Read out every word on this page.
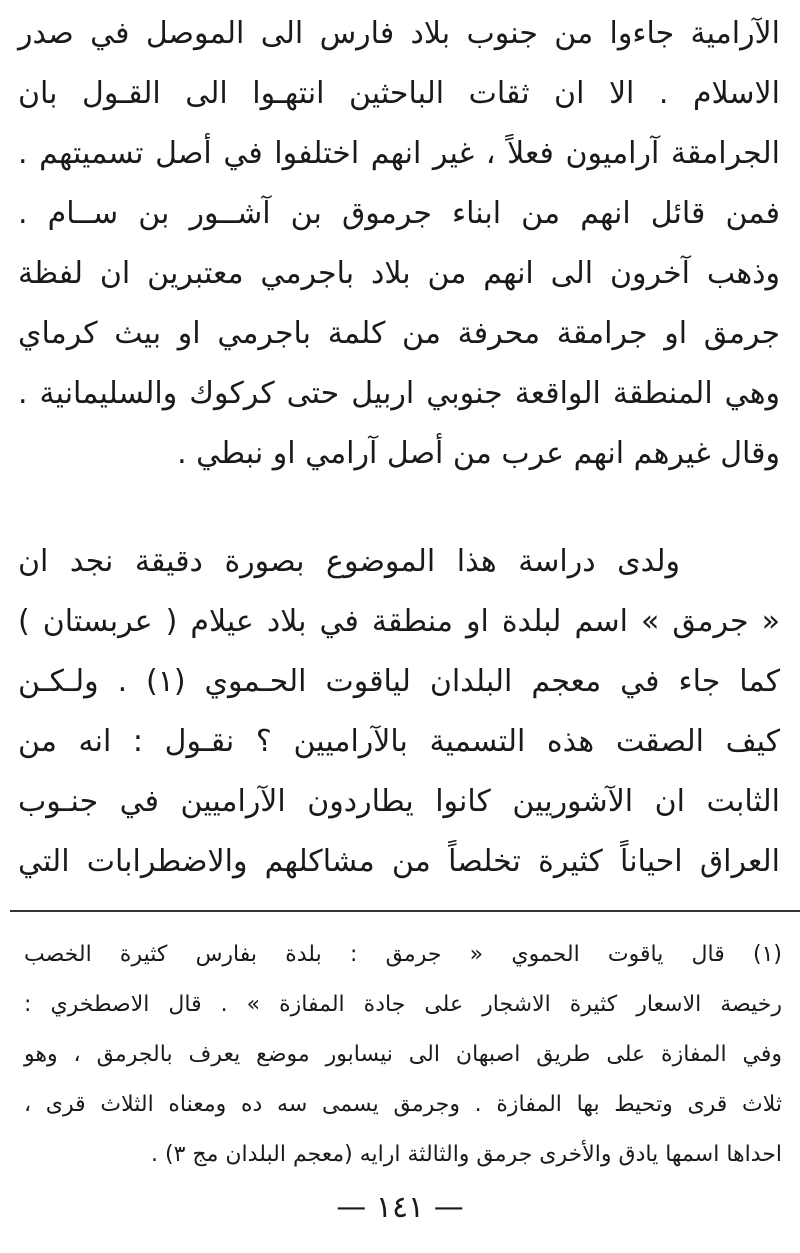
الآرامية جاءوا من جنوب بلاد فارس الى الموصل في صدر
الاسلام . الا ان ثقات الباحثين انتهـوا الى القـول بان
الجرامقة آراميون فعلاً ، غير انهم اختلفوا في أصل تسميتهم .
فمن قائل انهم من ابناء جرموق بن آشــور بن ســام .
وذهب آخرون الى انهم من بلاد باجرمي معتبرين ان لفظة
جرمق او جرامقة محرفة من كلمة باجرمي او بيث كرماي
وهي المنطقة الواقعة جنوبي اربيل حتى كركوك والسليمانية .
وقال غيرهم انهم عرب من أصل آرامي او نبطي .
ولدى دراسة هذا الموضوع بصورة دقيقة نجد ان
« جرمق » اسم لبلدة او منطقة في بلاد عيلام ( عربستان )
كما جاء في معجم البلدان لياقوت الحـموي (١) . ولـكـن
كيف الصقت هذه التسمية بالآراميين ؟ نقـول : انه من
الثابت ان الآشوريين كانوا يطاردون الآراميين في جنـوب
العراق احياناً كثيرة تخلصاً من مشاكلهم والاضطرابات التي
(١) قال ياقوت الحموي « جرمق : بلدة بفارس كثيرة الخصب
رخيصة الاسعار كثيرة الاشجار على جادة المفازة » . قال الاصطخري :
وفي المفازة على طريق اصبهان الى نيسابور موضع يعرف بالجرمق ، وهو
ثلاث قرى وتحيط بها المفازة . وجرمق يسمى سه ده ومعناه الثلاث قرى ،
احداها اسمها يادق والأخرى جرمق والثالثة ارايه (معجم البلدان مج ٣) .
— ١٤١ —
